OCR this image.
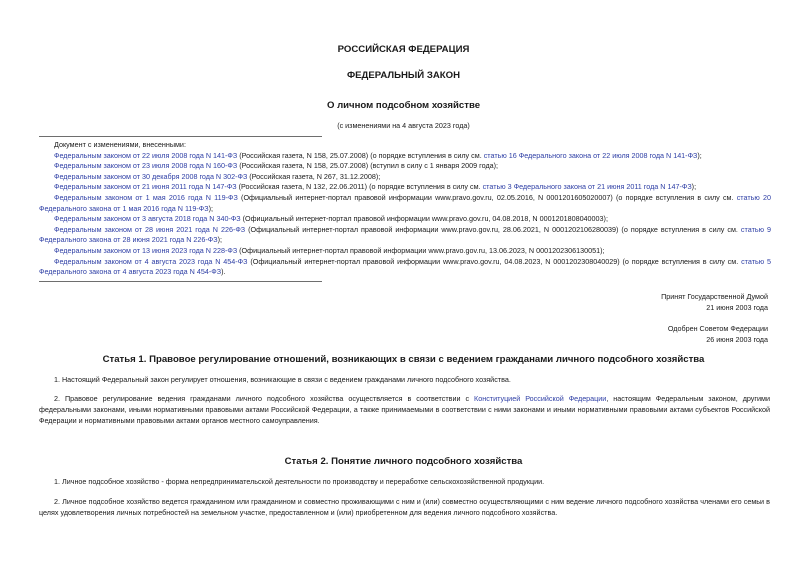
РОССИЙСКАЯ ФЕДЕРАЦИЯ
ФЕДЕРАЛЬНЫЙ ЗАКОН
О личном подсобном хозяйстве
(с изменениями на 4 августа 2023 года)
Документ с изменениями, внесенными:
Федеральным законом от 22 июля 2008 года N 141-ФЗ (Российская газета, N 158, 25.07.2008) (о порядке вступления в силу см. статью 16 Федерального закона от 22 июля 2008 года N 141-ФЗ);
Федеральным законом от 23 июля 2008 года N 160-ФЗ (Российская газета, N 158, 25.07.2008) (вступил в силу с 1 января 2009 года);
Федеральным законом от 30 декабря 2008 года N 302-ФЗ (Российская газета, N 267, 31.12.2008);
Федеральным законом от 21 июня 2011 года N 147-ФЗ (Российская газета, N 132, 22.06.2011) (о порядке вступления в силу см. статью 3 Федерального закона от 21 июня 2011 года N 147-ФЗ);
Федеральным законом от 1 мая 2016 года N 119-ФЗ (Официальный интернет-портал правовой информации www.pravo.gov.ru, 02.05.2016, N 0001201605020007) (о порядке вступления в силу см. статью 20 Федерального закона от 1 мая 2016 года N 119-ФЗ);
Федеральным законом от 3 августа 2018 года N 340-ФЗ (Официальный интернет-портал правовой информации www.pravo.gov.ru, 04.08.2018, N 0001201808040003);
Федеральным законом от 28 июня 2021 года N 226-ФЗ (Официальный интернет-портал правовой информации www.pravo.gov.ru, 28.06.2021, N 0001202106280039) (о порядке вступления в силу см. статью 9 Федерального закона от 28 июня 2021 года N 226-ФЗ);
Федеральным законом от 13 июня 2023 года N 228-ФЗ (Официальный интернет-портал правовой информации www.pravo.gov.ru, 13.06.2023, N 0001202306130051);
Федеральным законом от 4 августа 2023 года N 454-ФЗ (Официальный интернет-портал правовой информации www.pravo.gov.ru, 04.08.2023, N 0001202308040029) (о порядке вступления в силу см. статью 5 Федерального закона от 4 августа 2023 года N 454-ФЗ).
Принят Государственной Думой
21 июня 2003 года
Одобрен Советом Федерации
26 июня 2003 года
Статья 1. Правовое регулирование отношений, возникающих в связи с ведением гражданами личного подсобного хозяйства
1. Настоящий Федеральный закон регулирует отношения, возникающие в связи с ведением гражданами личного подсобного хозяйства.
2. Правовое регулирование ведения гражданами личного подсобного хозяйства осуществляется в соответствии с Конституцией Российской Федерации, настоящим Федеральным законом, другими федеральными законами, иными нормативными правовыми актами Российской Федерации, а также принимаемыми в соответствии с ними законами и иными нормативными правовыми актами субъектов Российской Федерации и нормативными правовыми актами органов местного самоуправления.
Статья 2. Понятие личного подсобного хозяйства
1. Личное подсобное хозяйство - форма непредпринимательской деятельности по производству и переработке сельскохозяйственной продукции.
2. Личное подсобное хозяйство ведется гражданином или гражданином и совместно проживающими с ним и (или) совместно осуществляющими с ним ведение личного подсобного хозяйства членами его семьи в целях удовлетворения личных потребностей на земельном участке, предоставленном и (или) приобретенном для ведения личного подсобного хозяйства.
